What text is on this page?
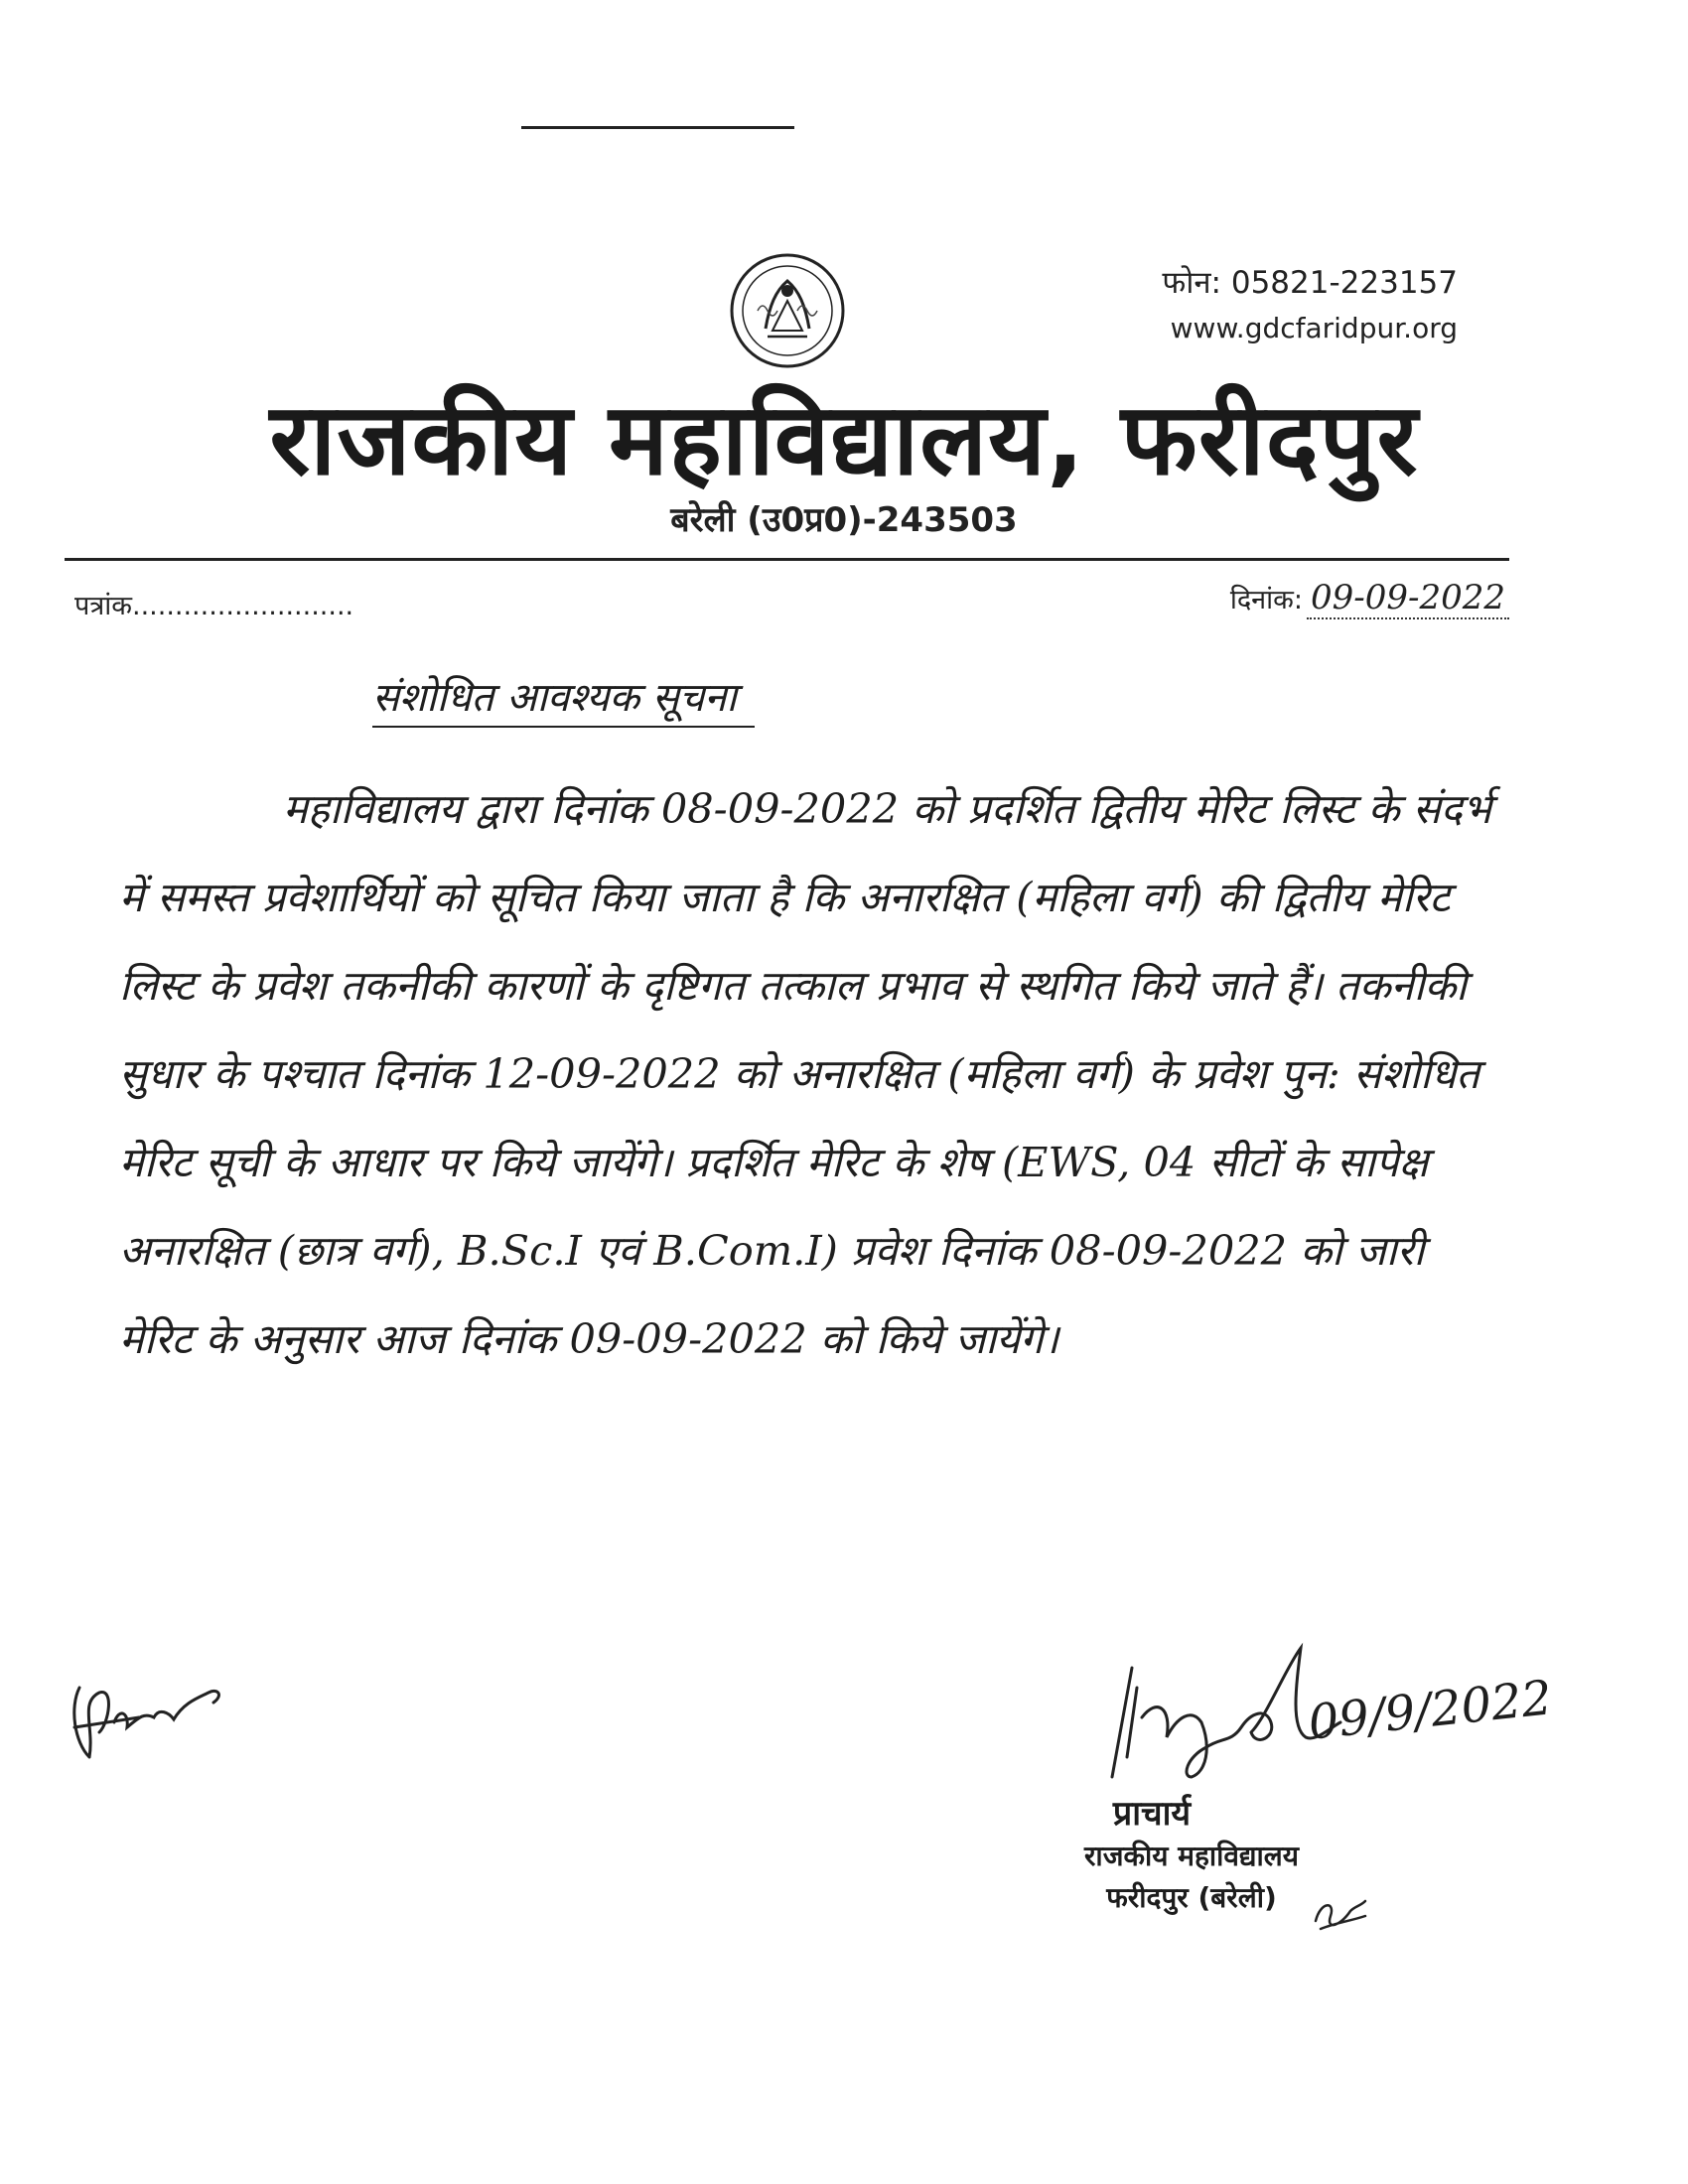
फोन: 05821-223157
www.gdcfaridpur.org
राजकीय महाविद्यालय, फरीदपुर
बरेली (उ0प्र0)-243503
पत्रांक..........................	दिनांक: 09-09-2022
संशोधित आवश्यक सूचना

महाविद्यालय द्वारा दिनांक 08-09-2022 को प्रदर्शित द्वितीय मेरिट लिस्ट के संदर्भ में समस्त प्रवेशार्थियों को सूचित किया जाता है कि अनारक्षित (महिला वर्ग) की द्वितीय मेरिट लिस्ट के प्रवेश तकनीकी कारणों के दृष्टिगत तत्काल प्रभाव से स्थगित किये जाते हैं। तकनीकी सुधार के पश्चात दिनांक 12-09-2022 को अनारक्षित (महिला वर्ग) के प्रवेश पुन: संशोधित मेरिट सूची के आधार पर किये जायेंगे। प्रदर्शित मेरिट के शेष (EWS, 04 सीटों के सापेक्ष अनारक्षित (छात्र वर्ग), B.Sc.I एवं B.Com.I) प्रवेश दिनांक 08-09-2022 को जारी मेरिट के अनुसार आज दिनांक 09-09-2022 को किये जायेंगे।

09/9/2022
प्राचार्य
राजकीय महाविद्यालय
फरीदपुर (बरेली)
